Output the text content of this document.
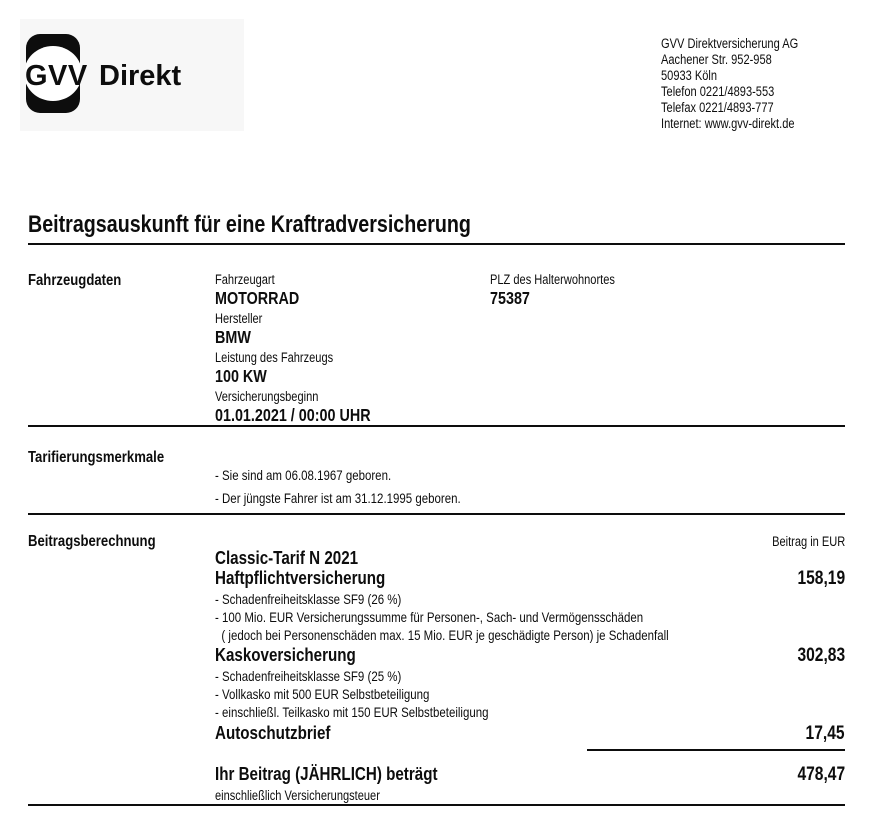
GVV Direkt
GVV Direktversicherung AG
Aachener Str. 952-958
50933 Köln
Telefon 0221/4893-553
Telefax 0221/4893-777
Internet: www.gvv-direkt.de
Beitragsauskunft für eine Kraftradversicherung
Fahrzeugdaten	Fahrzeugart
MOTORRAD
Hersteller
BMW
Leistung des Fahrzeugs
100 KW
Versicherungsbeginn
01.01.2021 / 00:00 UHR
PLZ des Halterwohnortes
75387
Tarifierungsmerkmale
- Sie sind am 06.08.1967 geboren.
- Der jüngste Fahrer ist am 31.12.1995 geboren.
Beitragsberechnung	Beitrag in EUR
Classic-Tarif N 2021
Haftpflichtversicherung	158,19
- Schadenfreiheitsklasse SF9 (26 %)
- 100 Mio. EUR Versicherungssumme für Personen-, Sach- und Vermögensschäden
( jedoch bei Personenschäden max. 15 Mio. EUR je geschädigte Person) je Schadenfall
Kaskoversicherung	302,83
- Schadenfreiheitsklasse SF9 (25 %)
- Vollkasko mit 500 EUR Selbstbeteiligung
- einschließl. Teilkasko mit 150 EUR Selbstbeteiligung
Autoschutzbrief	17,45
Ihr Beitrag (JÄHRLICH) beträgt	478,47
einschließlich Versicherungsteuer
